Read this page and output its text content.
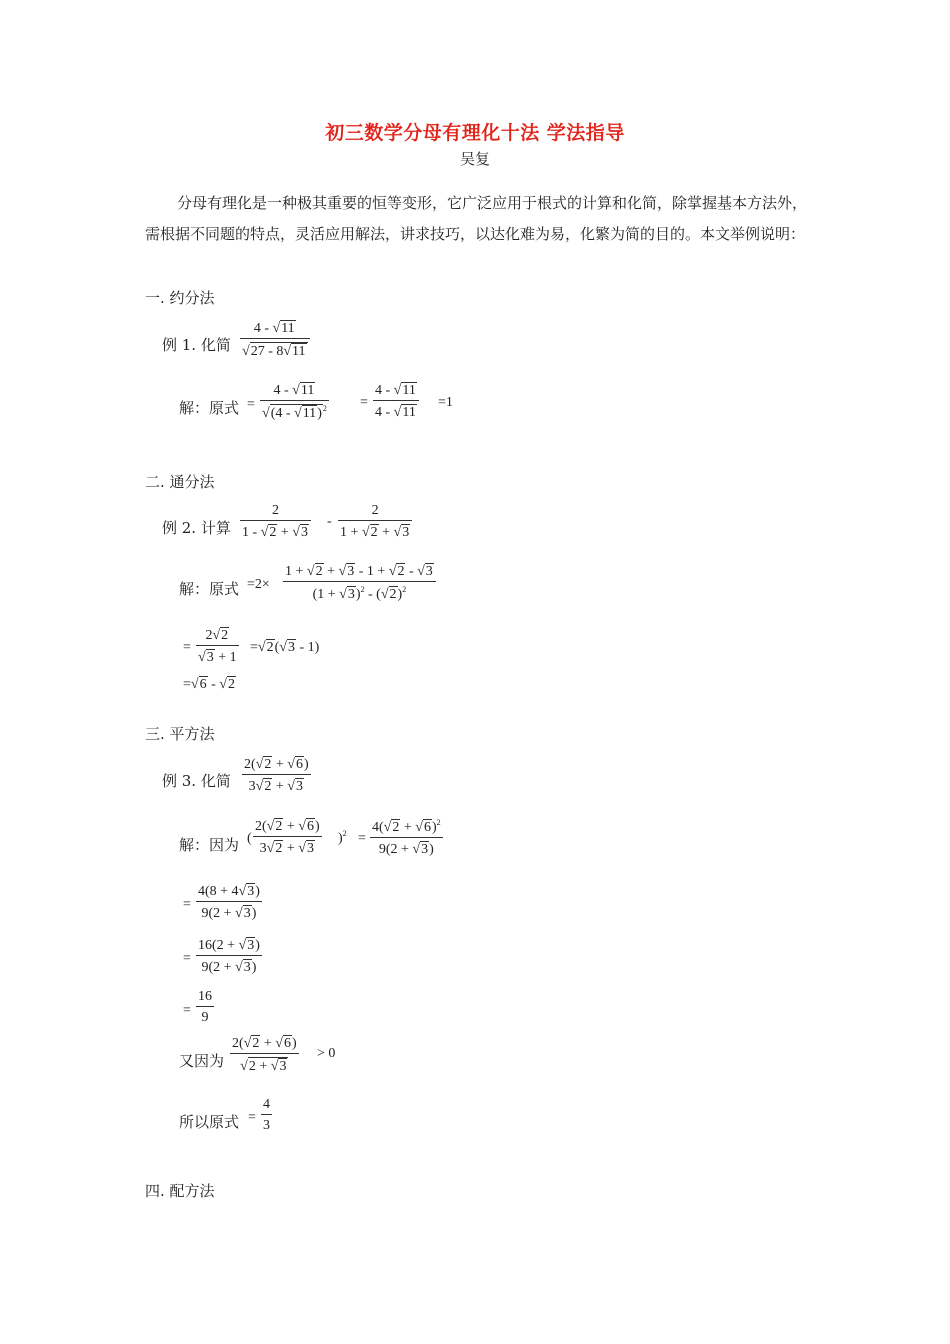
初三数学分母有理化十法 学法指导
吴复

分母有理化是一种极其重要的恒等变形，它广泛应用于根式的计算和化简，除掌握基本方法外，需根据不同题的特点，灵活应用解法，讲求技巧，以达化难为易，化繁为简的目的。本文举例说明：

一. 约分法
例 1. 化简 $\frac{4 - √11}{√27 - 8√11}$
解：原式 = $\frac{4 - √11}{√(4 - √11)^2} = \frac{4 - √11}{4 - √11} =1$
二. 通分法
例 2. 计算 $\frac{2}{1 - √2 + √3} - \frac{2}{1 + √2 + √3}$
解：原式 $=2\times \frac{1 + √2 + √3 - 1 + √2 - √3}{(1 + √3)^2 - (√2)^2}$
= $\frac{2√2}{√3 + 1} =√2(√3 - 1)$
=√6 - √2
三. 平方法
例 3. 化简 $\frac{2(√2 + √6)}{3√2 + √3}$
解：因为 ( $\frac{2(√2 + √6)}{3√2 + √3} )^2 = \frac{4(√2 + √6)^2}{9(2 + √3)}$
= $\frac{4(8 + 4√3)}{9(2 + √3)}$
= $\frac{16(2 + √3)}{9(2 + √3)}$
= $\frac{16}{9}$
又因为 $\frac{2(√2 + √6)}{√2 + √3} > 0$
所以原式 = $\frac{4}{3}$
四. 配方法
